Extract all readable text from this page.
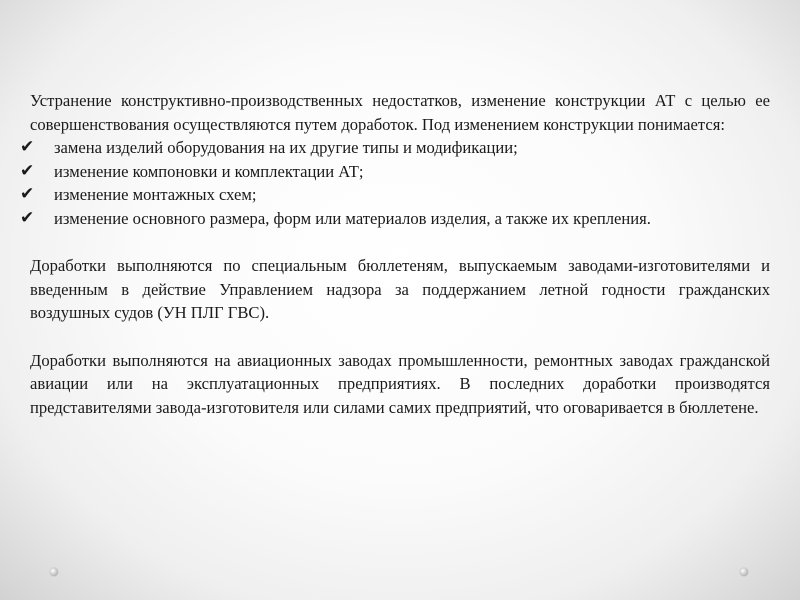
Устранение конструктивно-производственных недостатков, изменение конструкции АТ с целью ее совершенствования осуществляются путем доработок. Под изменением конструкции понимается:

✔	замена изделий оборудования на их другие типы и модификации;
✔	изменение компоновки и комплектации АТ;
✔	изменение монтажных схем;
✔	изменение основного размера, форм или материалов изделия, а также их крепления.

Доработки выполняются по специальным бюллетеням, выпускаемым заводами-изготовителями и введенным в действие Управлением надзора за поддержанием летной годности гражданских воздушных судов (УН ПЛГ ГВС).

Доработки выполняются на авиационных заводах промышленности, ремонтных заводах гражданской авиации или на эксплуатационных предприятиях. В последних доработки производятся представителями завода-изготовителя или силами самих предприятий, что оговаривается в бюллетене.
